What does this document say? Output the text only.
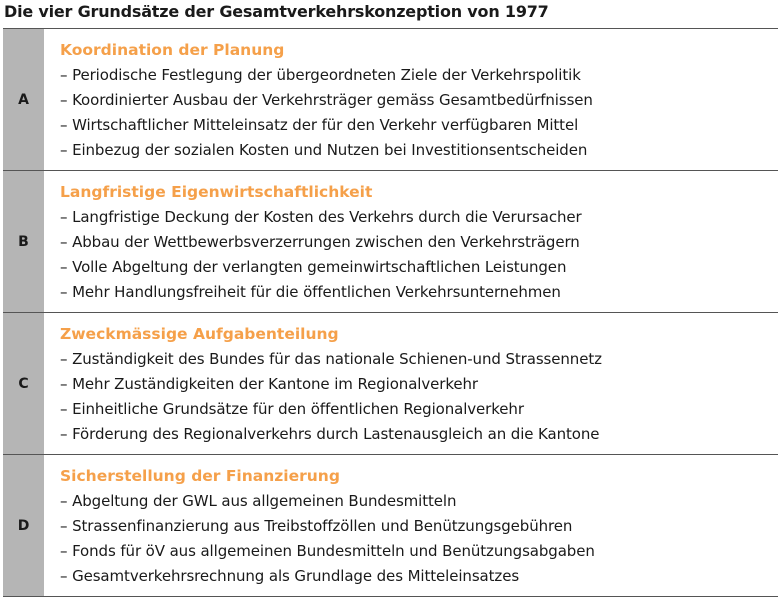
Die vier Grundsätze der Gesamtverkehrskonzeption von 1977
A
Koordination der Planung
– Periodische Festlegung der übergeordneten Ziele der Verkehrspolitik
– Koordinierter Ausbau der Verkehrsträger gemäss Gesamtbedürfnissen
– Wirtschaftlicher Mitteleinsatz der für den Verkehr verfügbaren Mittel
– Einbezug der sozialen Kosten und Nutzen bei Investitionsentscheiden
B
Langfristige Eigenwirtschaftlichkeit
– Langfristige Deckung der Kosten des Verkehrs durch die Verursacher
– Abbau der Wettbewerbsverzerrungen zwischen den Verkehrsträgern
– Volle Abgeltung der verlangten gemeinwirtschaftlichen Leistungen
– Mehr Handlungsfreiheit für die öffentlichen Verkehrsunternehmen
C
Zweckmässige Aufgabenteilung
– Zuständigkeit des Bundes für das nationale Schienen-und Strassennetz
– Mehr Zuständigkeiten der Kantone im Regionalverkehr
– Einheitliche Grundsätze für den öffentlichen Regionalverkehr
– Förderung des Regionalverkehrs durch Lastenausgleich an die Kantone
D
Sicherstellung der Finanzierung
– Abgeltung der GWL aus allgemeinen Bundesmitteln
– Strassenfinanzierung aus Treibstoffzöllen und Benützungsgebühren
– Fonds für öV aus allgemeinen Bundesmitteln und Benützungsabgaben
– Gesamtverkehrsrechnung als Grundlage des Mitteleinsatzes
